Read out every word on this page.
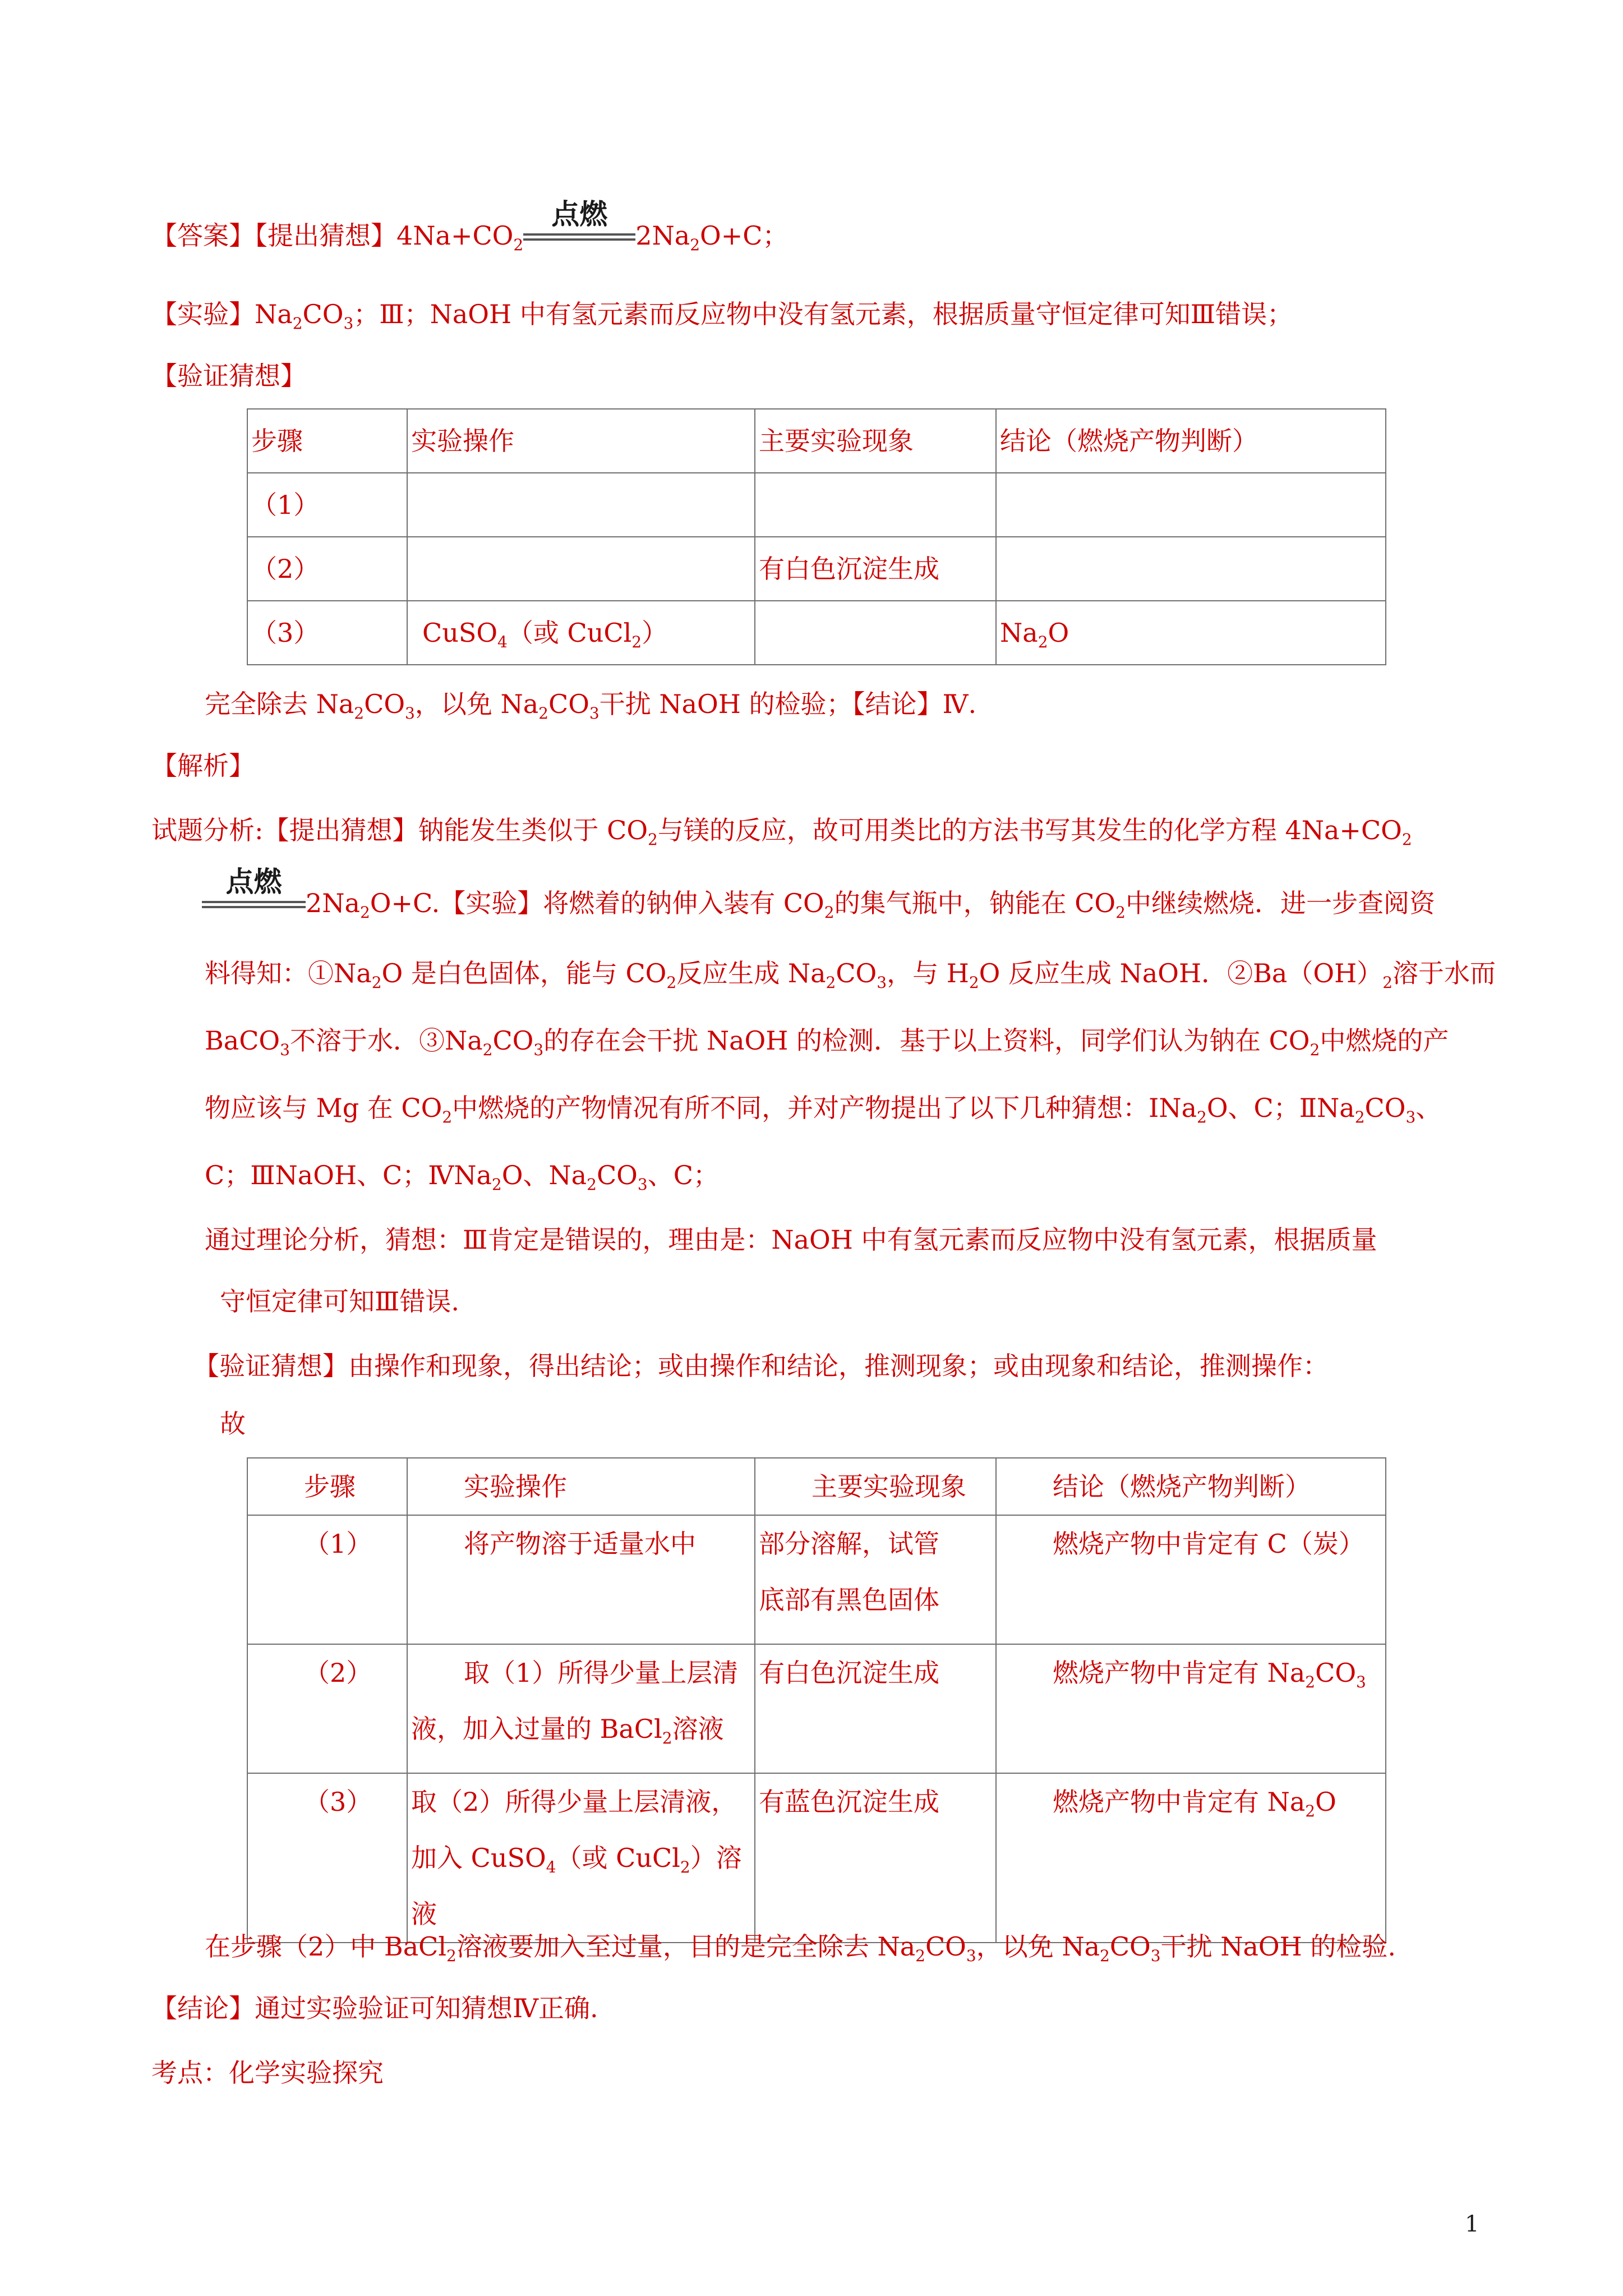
【答案】【提出猜想】$4Na+CO_2$
点燃
$2Na_2O+C$；
【实验】$Na_2CO_3$；Ⅲ；NaOH 中有氢元素而反应物中没有氢元素，根据质量守恒定律可知Ⅲ错误；
【验证猜想】
步骤	实验操作	主要实验现象	结论（燃烧产物判断）
（1）			
（2）		有白色沉淀生成	
（3）	CuSO$_4$（或 CuCl$_2$）		$Na_2O$
完全除去 $Na_2CO_3$，以免 $Na_2CO_3$干扰 NaOH 的检验；【结论】Ⅳ.
【解析】
试题分析:【提出猜想】钠能发生类似于 $CO_2$与镁的反应，故可用类比的方法书写其发生的化学方程 $4Na+CO_2$
点燃
$2Na_2O+C$.【实验】将燃着的钠伸入装有 $CO_2$的集气瓶中，钠能在 $CO_2$中继续燃烧．进一步查阅资
料得知：$①Na_2O$ 是白色固体，能与 $CO_2$反应生成 $Na_2CO_3$，与 $H_2O$ 反应生成 NaOH．$②Ba(OH)_2$溶于水而
BaCO$_3$不溶于水．$③Na_2CO_3$的存在会干扰 NaOH 的检测．基于以上资料，同学们认为钠在 $CO_2$中燃烧的产
物应该与 Mg 在 $CO_2$中燃烧的产物情况有所不同，并对产物提出了以下几种猜想：$ⅠNa_2O$、C；$ⅡNa_2CO_3$、
C；ⅢNaOH、C；$ⅣNa_2O$、$Na_2CO_3$、C；
通过理论分析，猜想：Ⅲ肯定是错误的，理由是：NaOH 中有氢元素而反应物中没有氢元素，根据质量
守恒定律可知Ⅲ错误.
【验证猜想】由操作和现象，得出结论；或由操作和结论，推测现象；或由现象和结论，推测操作：
故
步骤	实验操作	主要实验现象	结论（燃烧产物判断）
（1）	将产物溶于适量水中	部分溶解，试管
底部有黑色固体	燃烧产物中肯定有 C（炭）
（2）	取（1）所得少量上层清
液，加入过量的 BaCl$_2$溶液	有白色沉淀生成	燃烧产物中肯定有 $Na_2CO_3$
（3）	取（2）所得少量上层清液，
加入 CuSO$_4$（或 CuCl$_2$）溶液	有蓝色沉淀生成	燃烧产物中肯定有 $Na_2O$
在步骤（2）中 BaCl$_2$溶液要加入至过量，目的是完全除去 $Na_2CO_3$，以免 $Na_2CO_3$干扰 NaOH 的检验.
【结论】通过实验验证可知猜想Ⅳ正确.
考点：化学实验探究
1
